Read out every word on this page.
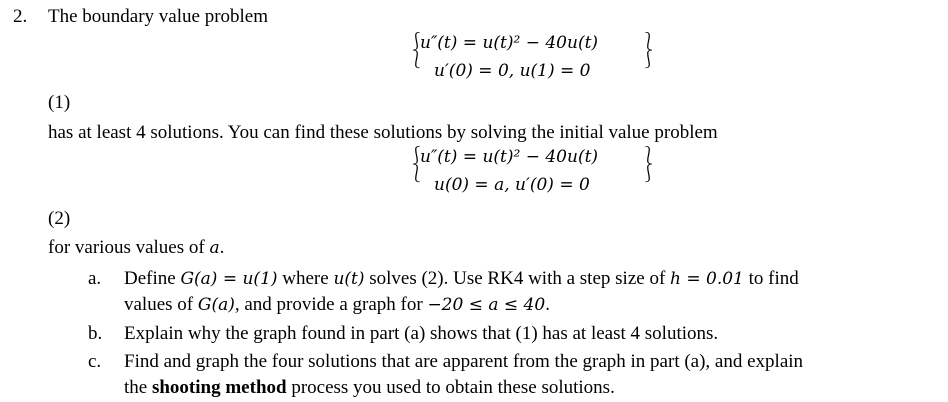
2. The boundary value problem
⎰
⎱
u″(t) = u(t)² − 40u(t)
u′(0) = 0, u(1) = 0
⎱
⎰
(1)
has at least 4 solutions. You can find these solutions by solving the initial value problem
⎰
⎱
u″(t) = u(t)² − 40u(t)
u(0) = a, u′(0) = 0
⎱
⎰
(2)
for various values of a.
a. Define G(a) = u(1) where u(t) solves (2). Use RK4 with a step size of h = 0.01 to find
values of G(a), and provide a graph for −20 ≤ a ≤ 40.
b. Explain why the graph found in part (a) shows that (1) has at least 4 solutions.
c. Find and graph the four solutions that are apparent from the graph in part (a), and explain
the shooting method process you used to obtain these solutions.
